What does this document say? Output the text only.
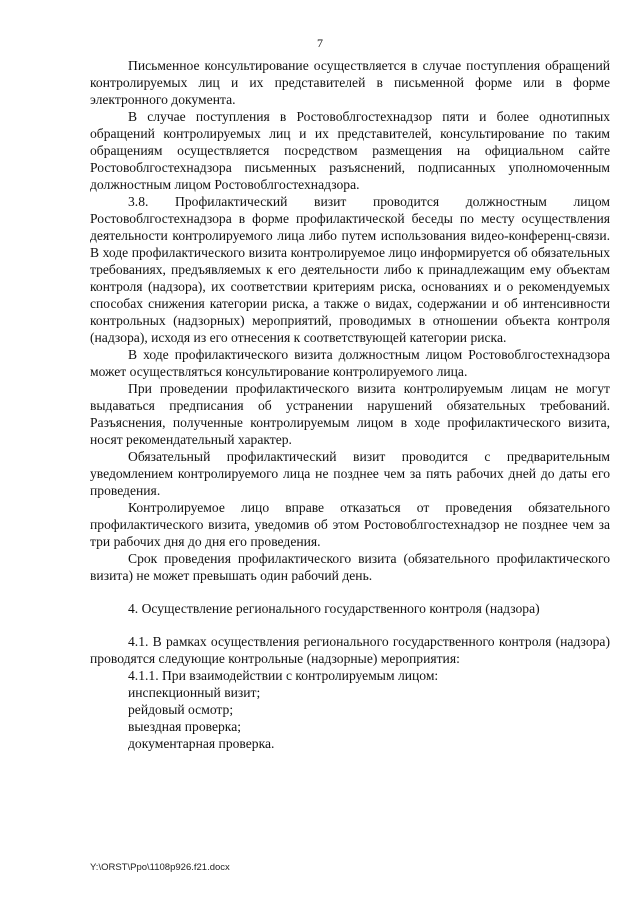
7

Письменное консультирование осуществляется в случае поступления обращений контролируемых лиц и их представителей в письменной форме или в форме электронного документа.

В случае поступления в Ростовоблгостехнадзор пяти и более однотипных обращений контролируемых лиц и их представителей, консультирование по таким обращениям осуществляется посредством размещения на официальном сайте Ростовоблгостехнадзора письменных разъяснений, подписанных уполномоченным должностным лицом Ростовоблгостехнадзора.

3.8. Профилактический визит проводится должностным лицом Ростовоблгостехнадзора в форме профилактической беседы по месту осуществления деятельности контролируемого лица либо путем использования видео-конференц-связи. В ходе профилактического визита контролируемое лицо информируется об обязательных требованиях, предъявляемых к его деятельности либо к принадлежащим ему объектам контроля (надзора), их соответствии критериям риска, основаниях и о рекомендуемых способах снижения категории риска, а также о видах, содержании и об интенсивности контрольных (надзорных) мероприятий, проводимых в отношении объекта контроля (надзора), исходя из его отнесения к соответствующей категории риска.

В ходе профилактического визита должностным лицом Ростовоблгостехнадзора может осуществляться консультирование контролируемого лица.

При проведении профилактического визита контролируемым лицам не могут выдаваться предписания об устранении нарушений обязательных требований. Разъяснения, полученные контролируемым лицом в ходе профилактического визита, носят рекомендательный характер.

Обязательный профилактический визит проводится с предварительным уведомлением контролируемого лица не позднее чем за пять рабочих дней до даты его проведения.

Контролируемое лицо вправе отказаться от проведения обязательного профилактического визита, уведомив об этом Ростовоблгостехнадзор не позднее чем за три рабочих дня до дня его проведения.

Срок проведения профилактического визита (обязательного профилактического визита) не может превышать один рабочий день.

4. Осуществление регионального государственного контроля (надзора)

4.1. В рамках осуществления регионального государственного контроля (надзора) проводятся следующие контрольные (надзорные) мероприятия:

4.1.1. При взаимодействии с контролируемым лицом:

инспекционный визит;
рейдовый осмотр;
выездная проверка;
документарная проверка.
Y:\ORST\Ppo\1108p926.f21.docx
